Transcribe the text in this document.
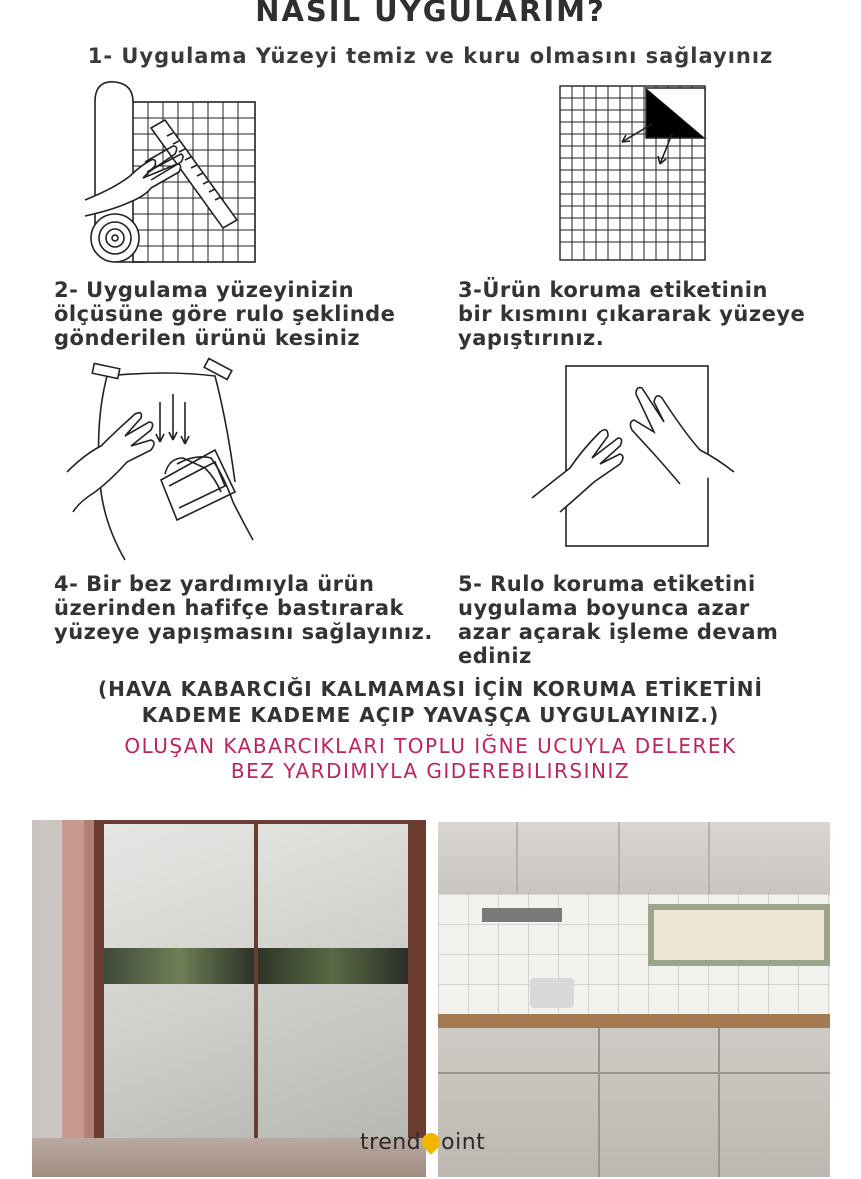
NASIL UYGULARIM?
1- Uygulama Yüzeyi temiz ve kuru olmasını sağlayınız
2- Uygulama yüzeyinizin
ölçüsüne göre rulo şeklinde
gönderilen ürünü kesiniz
3-Ürün koruma etiketinin
bir kısmını çıkararak yüzeye
yapıştırınız.
4- Bir bez yardımıyla ürün
üzerinden hafifçe bastırarak
yüzeye yapışmasını sağlayınız.
5- Rulo koruma etiketini
uygulama boyunca azar
azar açarak işleme devam
ediniz
(HAVA KABARCIĞI KALMAMASI İÇİN KORUMA ETİKETİNİ
KADEME KADEME AÇIP YAVAŞÇA UYGULAYINIZ.)
OLUŞAN KABARCIKLARI TOPLU IĞNE UCUYLA DELEREK
BEZ YARDIMIYLA GIDEREBILIRSINIZ
trend oint
